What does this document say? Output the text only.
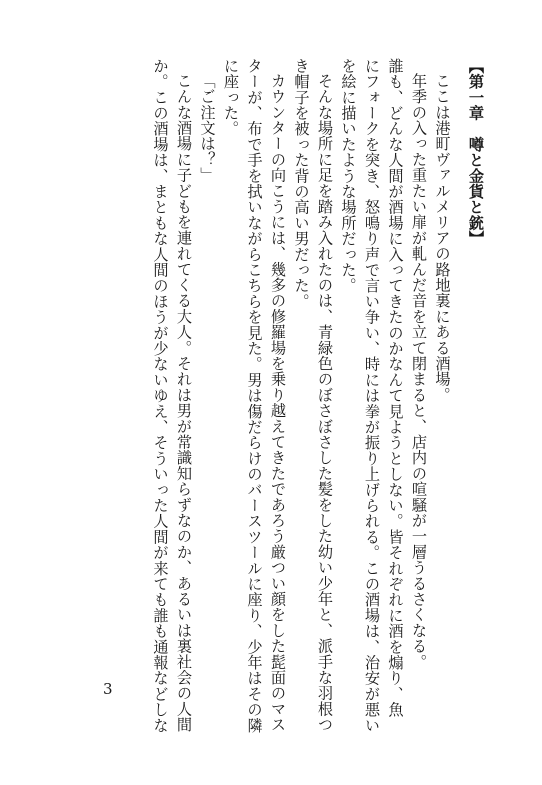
【第一章　噂と金貨と銃】

ここは港町ヴァルメリアの路地裏にある酒場。

年季の入った重たい扉が軋んだ音を立て閉まると、店内の喧騒が一層うるさくなる。

誰も、どんな人間が酒場に入ってきたのかなんて見ようとしない。皆それぞれに酒を煽り、魚

にフォークを突き、怒鳴り声で言い争い、時には拳が振り上げられる。この酒場は、治安が悪い

を絵に描いたような場所だった。

そんな場所に足を踏み入れたのは、青緑色のぼさぼさした髪をした幼い少年と、派手な羽根つ

き帽子を被った背の高い男だった。

カウンターの向こうには、幾多の修羅場を乗り越えてきたであろう厳つい顔をした髭面のマス

ターが、布で手を拭いながらこちらを見た。男は傷だらけのバースツールに座り、少年はその隣

に座った。

「ご注文は？」

こんな酒場に子どもを連れてくる大人。それは男が常識知らずなのか、あるいは裏社会の人間

か。この酒場は、まともな人間のほうが少ないゆえ、そういった人間が来ても誰も通報などしな

3
